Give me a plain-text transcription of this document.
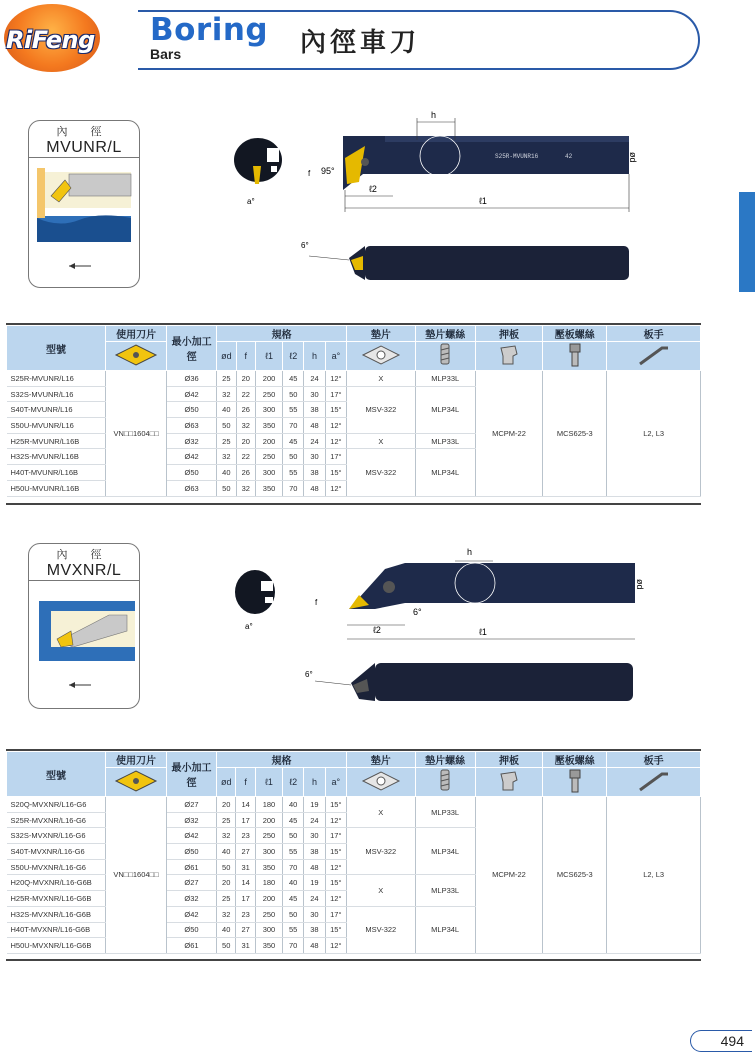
RiFeng Boring
Bars	內徑車刀
內 徑
MVUNR/L
S25R-MVUNR16	42
h
ℓ2
ℓ1
ød
95°
f
a°
6°
型號	使用刀片	最小加工徑	規格						墊片	墊片螺絲	押板	壓板螺絲	板手
	ød	f	ℓ1	ℓ2	h	a°					
S25R-MVUNR/L16	VN□□1604□□	Ø36	25	20	200	45	24	12°	X	MLP33L	MCPM-22	MCS625-3	L2, L3
S32S-MVUNR/L16		Ø42	32	22	250	50	30	17°	MSV-322	MLP34L			
S40T-MVUNR/L16		Ø50	40	26	300	55	38	15°					
S50U-MVUNR/L16		Ø63	50	32	350	70	48	12°					
H25R-MVUNR/L16B		Ø32	25	20	200	45	24	12°	X	MLP33L			
H32S-MVUNR/L16B		Ø42	32	22	250	50	30	17°	MSV-322	MLP34L			
H40T-MVUNR/L16B		Ø50	40	26	300	55	38	15°					
H50U-MVUNR/L16B		Ø63	50	32	350	70	48	12°					
內 徑
MVXNR/L
h
ℓ2	ℓ1
ød
6°
f
a°
6°
型號	使用刀片	最小加工徑	規格						墊片	墊片螺絲	押板	壓板螺絲	板手
	ød	f	ℓ1	ℓ2	h	a°					
S20Q-MVXNR/L16-G6	VN□□1604□□	Ø27	20	14	180	40	19	15°	X	MLP33L	MCPM-22	MCS625-3	L2, L3
S25R-MVXNR/L16-G6		Ø32	25	17	200	45	24	12°					
S32S-MVXNR/L16-G6		Ø42	32	23	250	50	30	17°	MSV-322	MLP34L			
S40T-MVXNR/L16-G6		Ø50	40	27	300	55	38	15°					
S50U-MVXNR/L16-G6		Ø61	50	31	350	70	48	12°					
H20Q-MVXNR/L16-G6B		Ø27	20	14	180	40	19	15°	X	MLP33L			
H25R-MVXNR/L16-G6B		Ø32	25	17	200	45	24	12°					
H32S-MVXNR/L16-G6B		Ø42	32	23	250	50	30	17°	MSV-322	MLP34L			
H40T-MVXNR/L16-G6B		Ø50	40	27	300	55	38	15°					
H50U-MVXNR/L16-G6B		Ø61	50	31	350	70	48	12°					
494
